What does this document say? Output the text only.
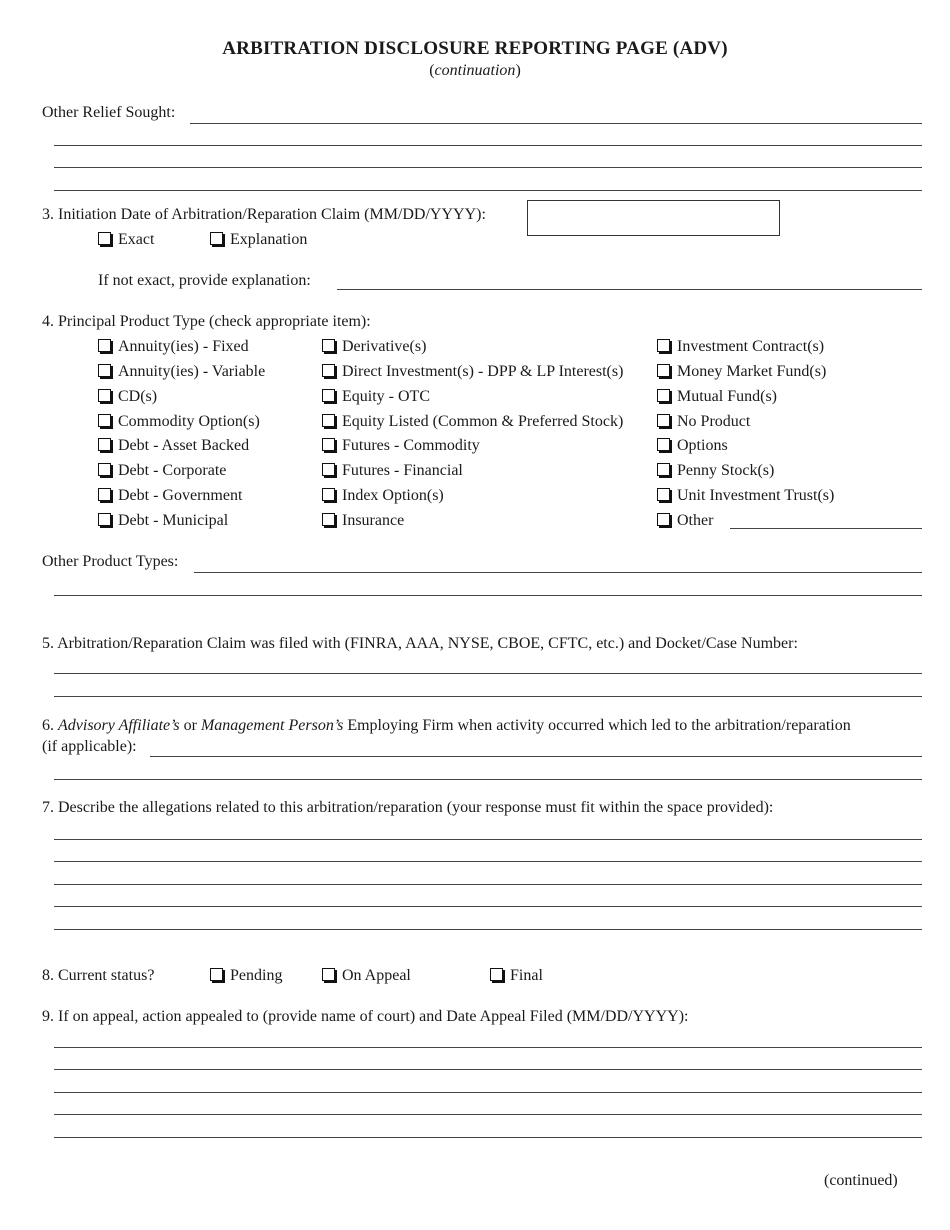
ARBITRATION DISCLOSURE REPORTING PAGE (ADV)
(continuation)
Other Relief Sought:
3. Initiation Date of Arbitration/Reparation Claim (MM/DD/YYYY):
Exact	Explanation
If not exact, provide explanation:
4. Principal Product Type (check appropriate item):
Annuity(ies) - Fixed
Annuity(ies) - Variable
CD(s)
Commodity Option(s)
Debt - Asset Backed
Debt - Corporate
Debt - Government
Debt - Municipal
Derivative(s)
Direct Investment(s) - DPP & LP Interest(s)
Equity - OTC
Equity Listed (Common & Preferred Stock)
Futures - Commodity
Futures - Financial
Index Option(s)
Insurance
Investment Contract(s)
Money Market Fund(s)
Mutual Fund(s)
No Product
Options
Penny Stock(s)
Unit Investment Trust(s)
Other
Other Product Types:
5. Arbitration/Reparation Claim was filed with (FINRA, AAA, NYSE, CBOE, CFTC, etc.) and Docket/Case Number:
6. Advisory Affiliate’s or Management Person’s Employing Firm when activity occurred which led to the arbitration/reparation
(if applicable):
7. Describe the allegations related to this arbitration/reparation (your response must fit within the space provided):
8. Current status?	Pending	On Appeal	Final
9. If on appeal, action appealed to (provide name of court) and Date Appeal Filed (MM/DD/YYYY):
(continued)
